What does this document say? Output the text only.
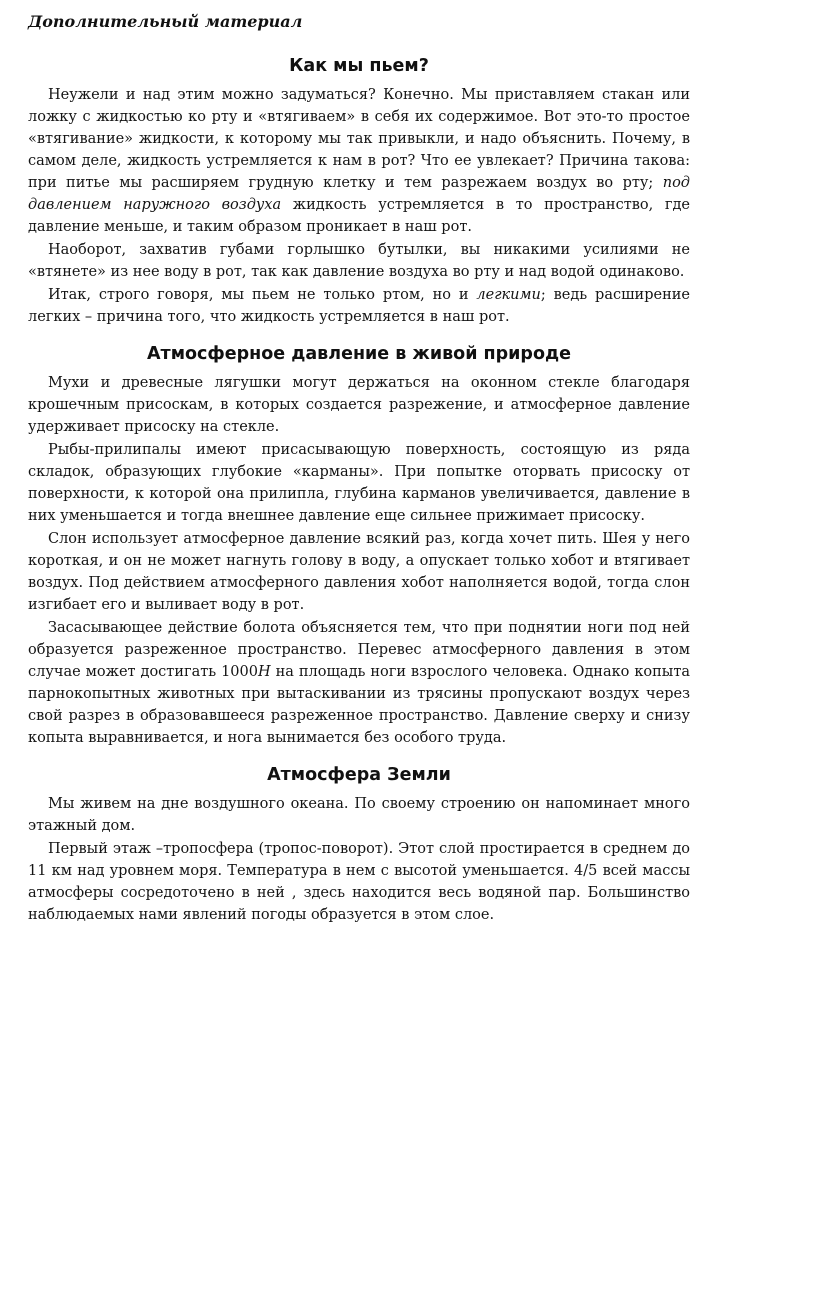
Дополнительный материал
Как мы пьем?

Неужели и над этим можно задуматься? Конечно. Мы приставляем стакан или ложку с жидкостью ко рту и «втягиваем» в себя их содержимое. Вот это-то простое «втягивание» жидкости, к которому мы так привыкли, и надо объяснить. Почему, в самом деле, жидкость устремляется к нам в рот? Что ее увлекает? Причина такова: при питье мы расширяем грудную клетку и тем разрежаем воздух во рту; под давлением наружного воздуха жидкость устремляется в то пространство, где давление меньше, и таким образом проникает в наш рот.

Наоборот, захватив губами горлышко бутылки, вы никакими усилиями не «втянете» из нее воду в рот, так как давление воздуха во рту и над водой одинаково.

Итак, строго говоря, мы пьем не только ртом, но и легкими; ведь расширение легких – причина того, что жидкость устремляется в наш рот.

Атмосферное давление в живой природе

Мухи и древесные лягушки могут держаться на оконном стекле благодаря крошечным присоскам, в которых создается разрежение, и атмосферное давление удерживает присоску на стекле.

Рыбы-прилипалы имеют присасывающую поверхность, состоящую из ряда складок, образующих глубокие «карманы». При попытке оторвать присоску от поверхности, к которой она прилипла, глубина карманов увеличивается, давление в них уменьшается и тогда внешнее давление еще сильнее прижимает присоску.

Слон использует атмосферное давление всякий раз, когда хочет пить. Шея у него короткая, и он не может нагнуть голову в воду, а опускает только хобот и втягивает воздух. Под действием атмосферного давления хобот наполняется водой, тогда слон изгибает его и выливает воду в рот.

Засасывающее действие болота объясняется тем, что при поднятии ноги под ней образуется разреженное пространство. Перевес атмосферного давления в этом случае может достигать 1000Н на площадь ноги взрослого человека. Однако копыта парнокопытных животных при вытаскивании из трясины пропускают воздух через свой разрез в образовавшееся разреженное пространство. Давление сверху и снизу копыта выравнивается, и нога вынимается без особого труда.

Атмосфера Земли

Мы живем на дне воздушного океана. По своему строению он напоминает много этажный дом.

Первый этаж –тропосфера (тропос-поворот). Этот слой простирается в среднем до 11 км над уровнем моря. Температура в нем с высотой уменьшается. 4/5 всей массы атмосферы сосредоточено в ней , здесь находится весь водяной пар. Большинство наблюдаемых нами явлений погоды образуется в этом слое.
